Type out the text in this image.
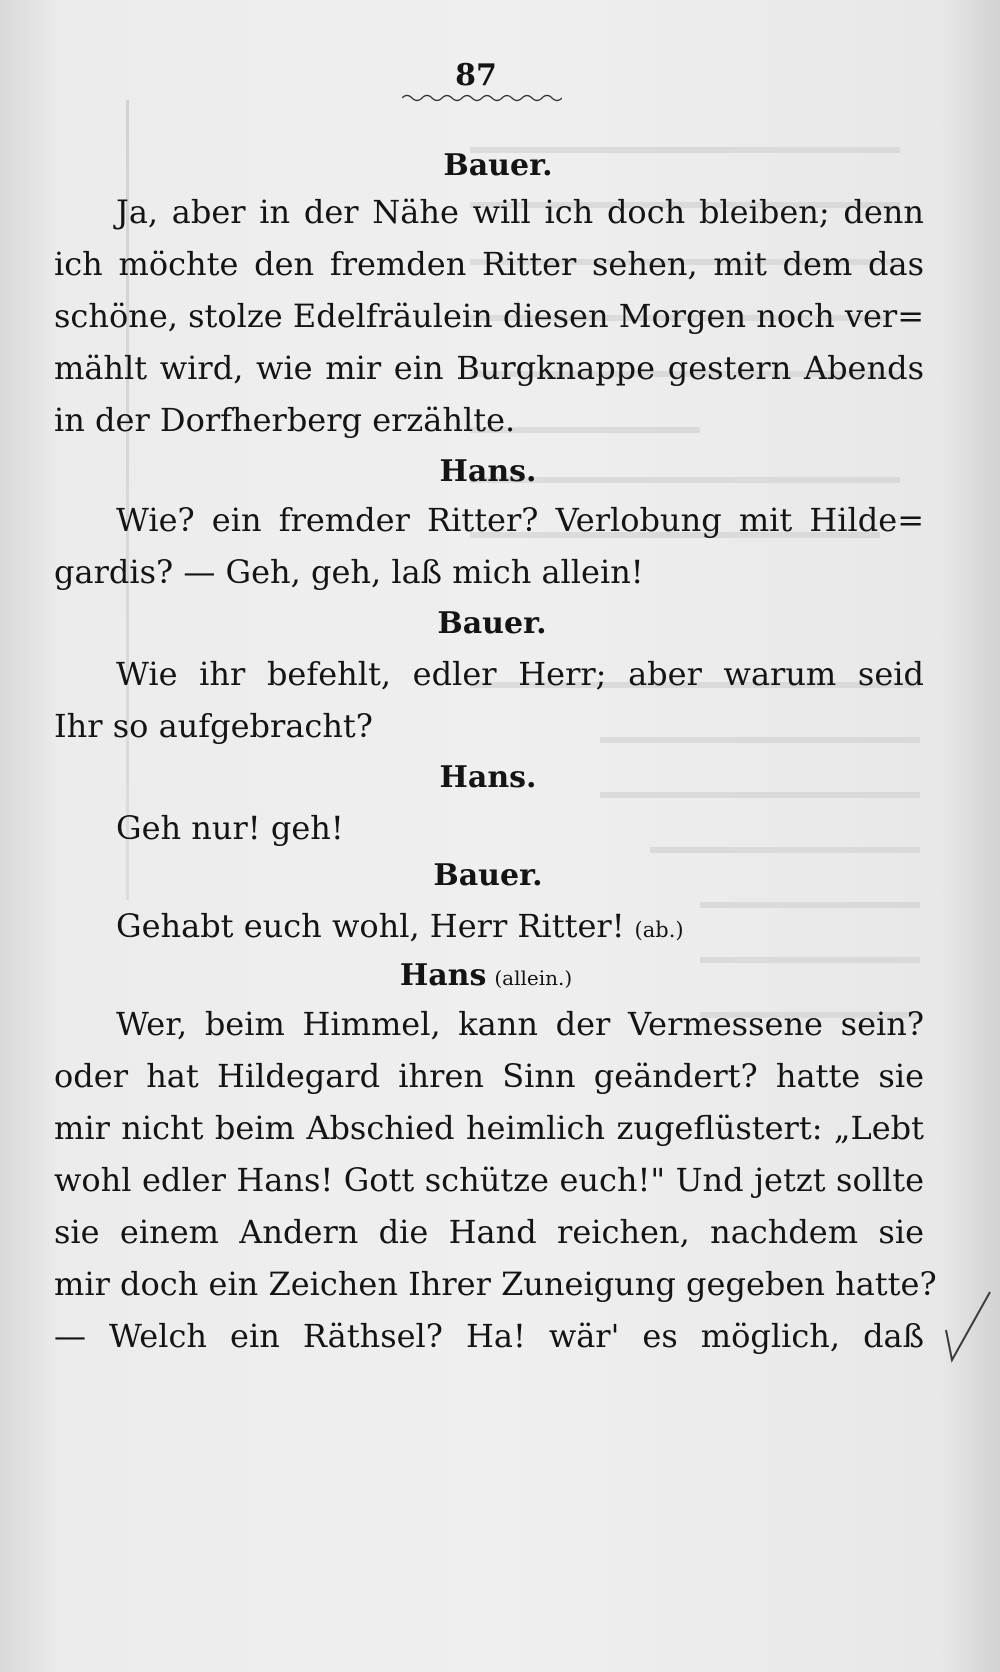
87
Bauer.
Ja, aber in der Nähe will ich doch bleiben; denn
ich möchte den fremden Ritter sehen, mit dem das
schöne, stolze Edelfräulein diesen Morgen noch ver=
mählt wird, wie mir ein Burgknappe gestern Abends
in der Dorfherberg erzählte.
Hans.
Wie? ein fremder Ritter? Verlobung mit Hilde=
gardis? — Geh, geh, laß mich allein!
Bauer.
Wie ihr befehlt, edler Herr; aber warum seid
Ihr so aufgebracht?
Hans.
Geh nur! geh!
Bauer.
Gehabt euch wohl, Herr Ritter! (ab.)
Hans (allein.)
Wer, beim Himmel, kann der Vermessene sein?
oder hat Hildegard ihren Sinn geändert? hatte sie
mir nicht beim Abschied heimlich zugeflüstert: „Lebt
wohl edler Hans! Gott schütze euch!" Und jetzt sollte
sie einem Andern die Hand reichen, nachdem sie
mir doch ein Zeichen Ihrer Zuneigung gegeben hatte?
— Welch ein Räthsel? Ha! wär' es möglich, daß
